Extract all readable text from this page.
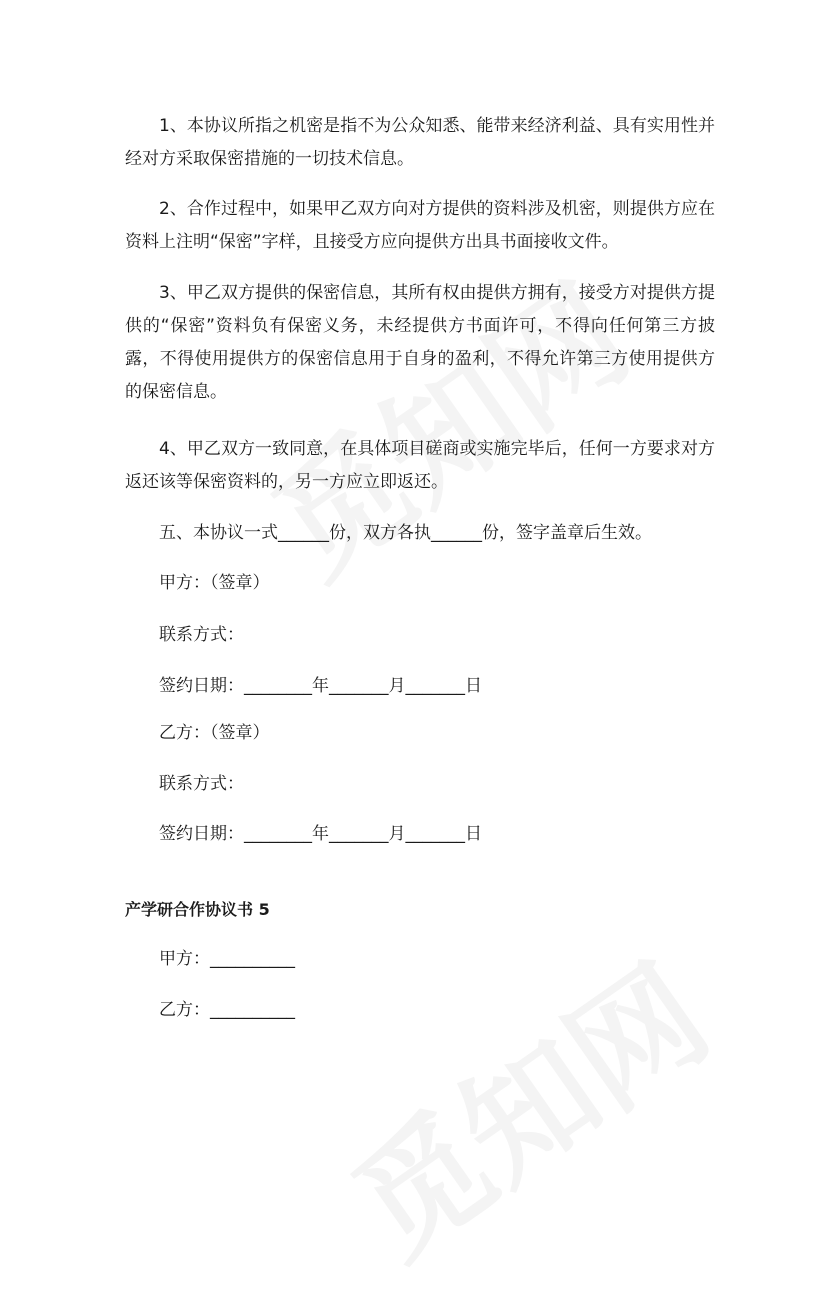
1、本协议所指之机密是指不为公众知悉、能带来经济利益、具有实用性并经对方采取保密措施的一切技术信息。

2、合作过程中，如果甲乙双方向对方提供的资料涉及机密，则提供方应在资料上注明“保密”字样，且接受方应向提供方出具书面接收文件。

3、甲乙双方提供的保密信息，其所有权由提供方拥有，接受方对提供方提供的“保密”资料负有保密义务，未经提供方书面许可，不得向任何第三方披露，不得使用提供方的保密信息用于自身的盈利，不得允许第三方使用提供方的保密信息。

4、甲乙双方一致同意，在具体项目磋商或实施完毕后，任何一方要求对方返还该等保密资料的，另一方应立即返还。

五、本协议一式______份，双方各执______份，签字盖章后生效。

甲方：（签章）

联系方式：

签约日期：________年_______月_______日

乙方：（签章）

联系方式：

签约日期：________年_______月_______日

产学研合作协议书 5

甲方：__________

乙方：__________
